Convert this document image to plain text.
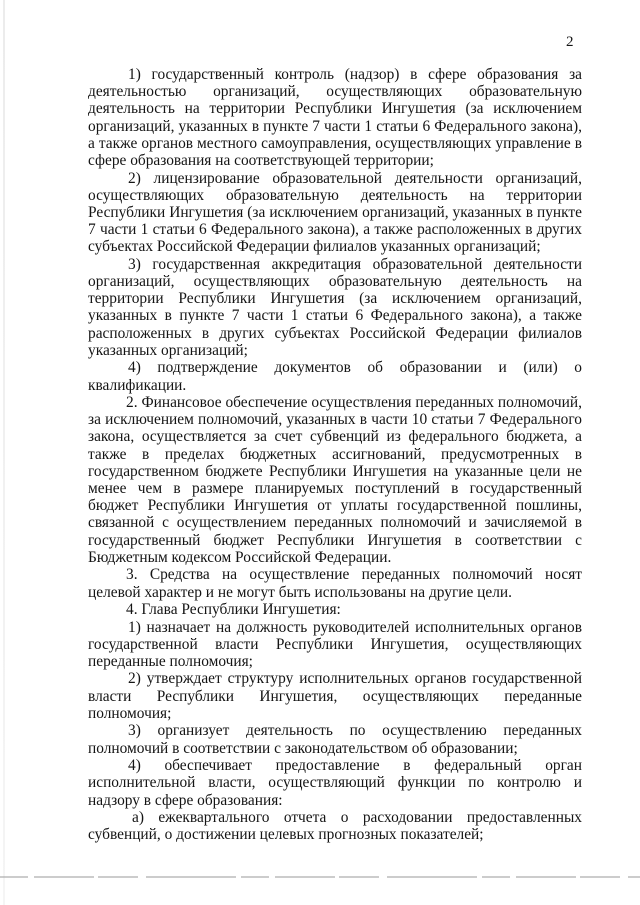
2

1) государственный контроль (надзор) в сфере образования за деятельностью организаций, осуществляющих образовательную деятельность на территории Республики Ингушетия (за исключением организаций, указанных в пункте 7 части 1 статьи 6 Федерального закона), а также органов местного самоуправления, осуществляющих управление в сфере образования на соответствующей территории;

2) лицензирование образовательной деятельности организаций, осуществляющих образовательную деятельность на территории Республики Ингушетия (за исключением организаций, указанных в пункте 7 части 1 статьи 6 Федерального закона), а также расположенных в других субъектах Российской Федерации филиалов указанных организаций;

3) государственная аккредитация образовательной деятельности организаций, осуществляющих образовательную деятельность на территории Республики Ингушетия (за исключением организаций, указанных в пункте 7 части 1 статьи 6 Федерального закона), а также расположенных в других субъектах Российской Федерации филиалов указанных организаций;

4) подтверждение документов об образовании и (или) о квалификации.

2. Финансовое обеспечение осуществления переданных полномочий, за исключением полномочий, указанных в части 10 статьи 7 Федерального закона, осуществляется за счет субвенций из федерального бюджета, а также в пределах бюджетных ассигнований, предусмотренных в государственном бюджете Республики Ингушетия на указанные цели не менее чем в размере планируемых поступлений в государственный бюджет Республики Ингушетия от уплаты государственной пошлины, связанной с осуществлением переданных полномочий и зачисляемой в государственный бюджет Республики Ингушетия в соответствии с Бюджетным кодексом Российской Федерации.

3. Средства на осуществление переданных полномочий носят целевой характер и не могут быть использованы на другие цели.

4. Глава Республики Ингушетия:

1) назначает на должность руководителей исполнительных органов государственной власти Республики Ингушетия, осуществляющих переданные полномочия;

2) утверждает структуру исполнительных органов государственной власти Республики Ингушетия, осуществляющих переданные полномочия;

3) организует деятельность по осуществлению переданных полномочий в соответствии с законодательством об образовании;

4) обеспечивает предоставление в федеральный орган исполнительной власти, осуществляющий функции по контролю и надзору в сфере образования:

а) ежеквартального отчета о расходовании предоставленных субвенций, о достижении целевых прогнозных показателей;
